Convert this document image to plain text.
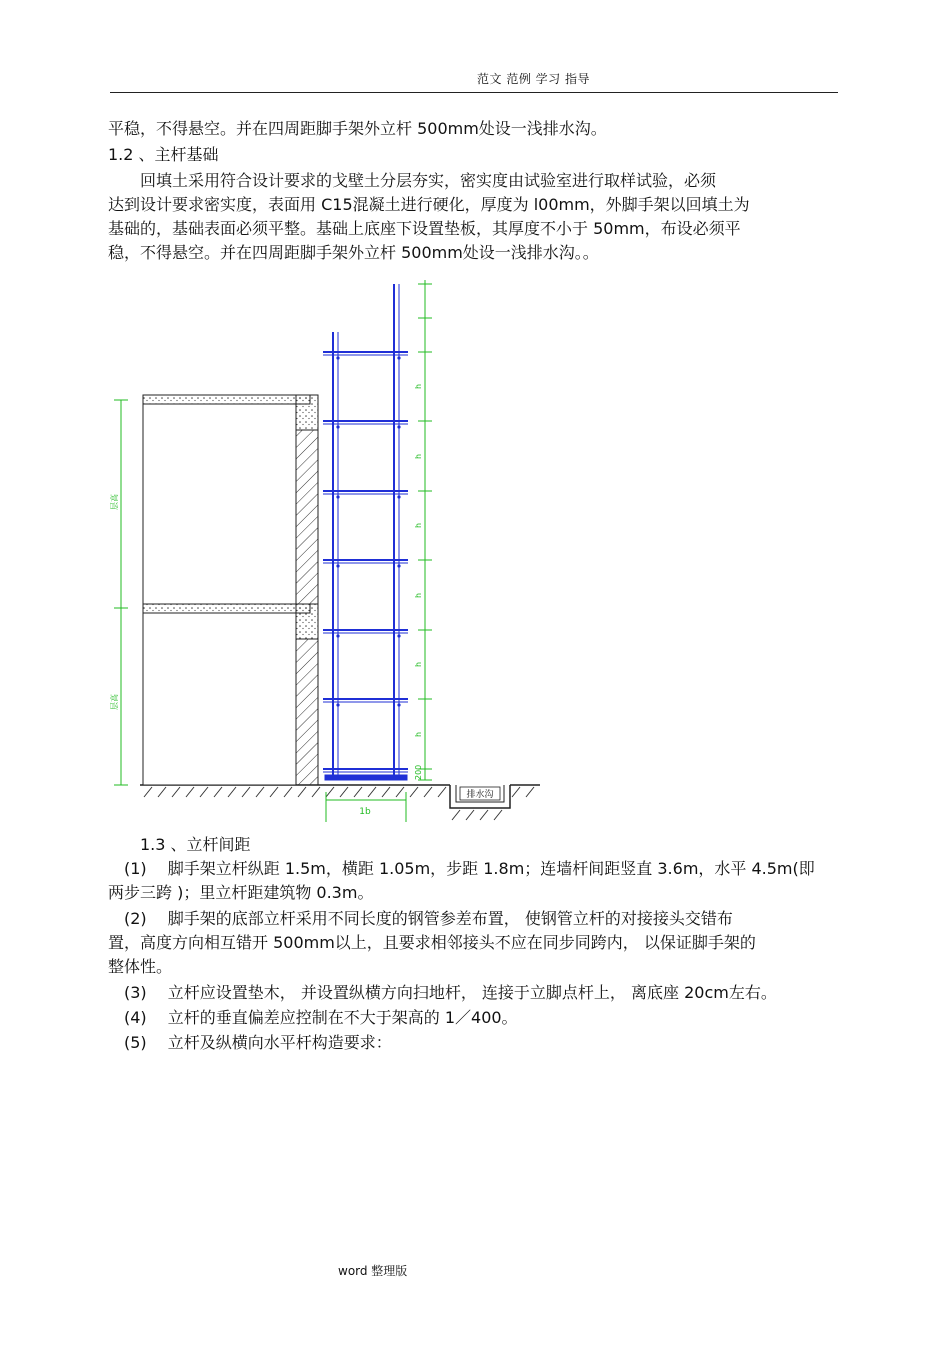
范文 范例 学习 指导
平稳，不得悬空。并在四周距脚手架外立杆 500mm处设一浅排水沟。
1.2 、主杆基础
　　回填土采用符合设计要求的戈壁土分层夯实，密实度由试验室进行取样试验，必须
达到设计要求密实度，表面用 C15混凝土进行硬化，厚度为 l00mm，外脚手架以回填土为
基础的，基础表面必须平整。基础上底座下设置垫板，其厚度不小于 50mm，布设必须平
稳，不得悬空。并在四周距脚手架外立杆 500mm处设一浅排水沟。。
排水沟
层高
层高
h
h
h
h
h
h
200
1b
　　1.3 、立杆间距
　(1)　 脚手架立杆纵距 1.5m，横距 1.05m，步距 1.8m；连墙杆间距竖直 3.6m，水平 4.5m(即
两步三跨 )；里立杆距建筑物 0.3m。
　(2)　 脚手架的底部立杆采用不同长度的钢管参差布置， 使钢管立杆的对接接头交错布
置，高度方向相互错开 500mm以上，且要求相邻接头不应在同步同跨内， 以保证脚手架的
整体性。
　(3)　 立杆应设置垫木， 并设置纵横方向扫地杆， 连接于立脚点杆上， 离底座 20cm左右。
　(4)　 立杆的垂直偏差应控制在不大于架高的 1／400。
　(5)　 立杆及纵横向水平杆构造要求：
word 整理版
